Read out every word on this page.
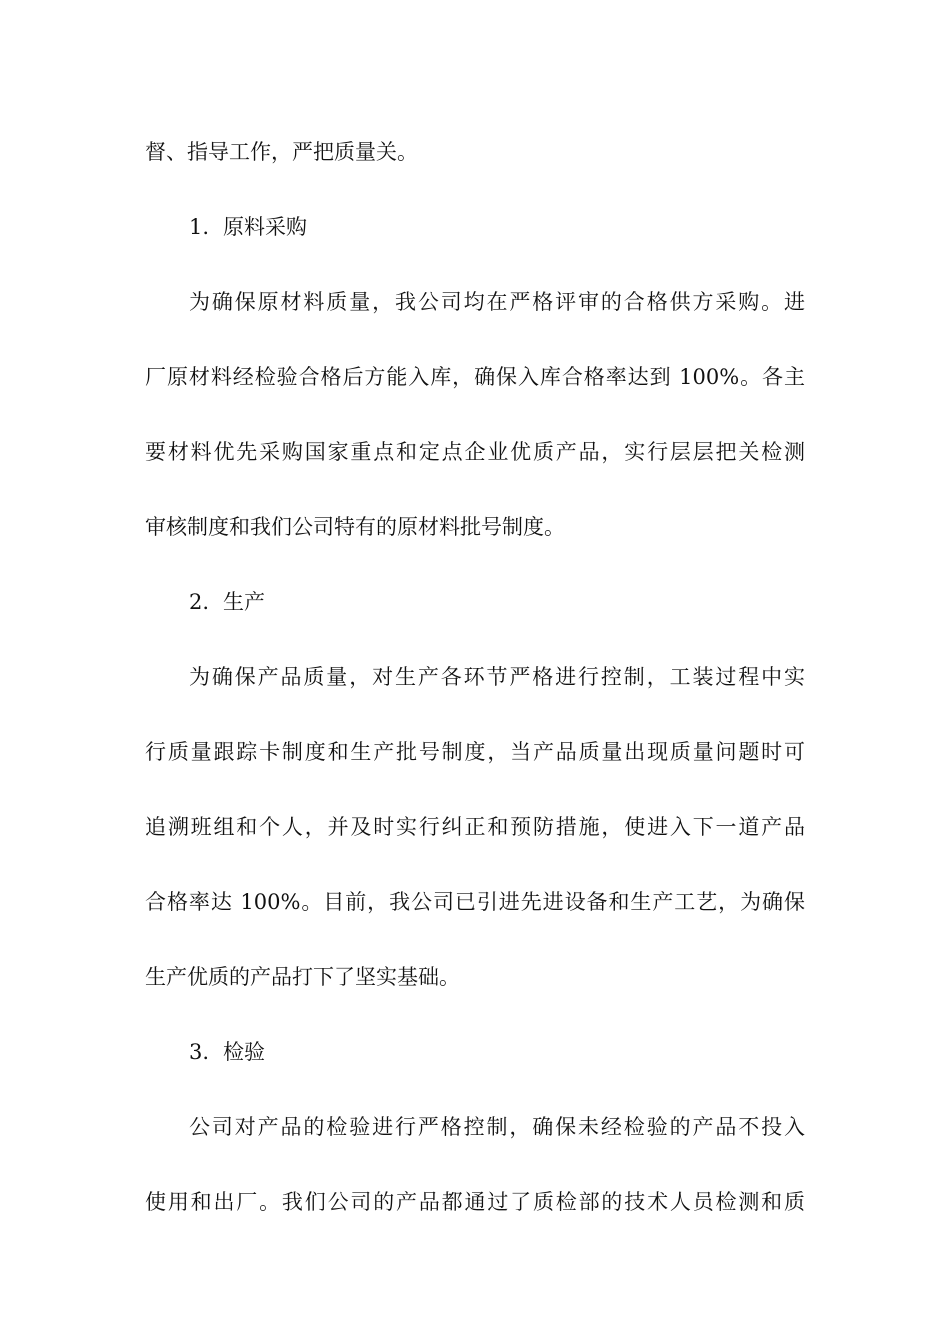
督、指导工作，严把质量关。
1. 原料采购
为确保原材料质量，我公司均在严格评审的合格供方采购。进
厂原材料经检验合格后方能入库，确保入库合格率达到 100%。各主
要材料优先采购国家重点和定点企业优质产品，实行层层把关检测
审核制度和我们公司特有的原材料批号制度。
2. 生产
为确保产品质量，对生产各环节严格进行控制，工装过程中实
行质量跟踪卡制度和生产批号制度，当产品质量出现质量问题时可
追溯班组和个人，并及时实行纠正和预防措施，使进入下一道产品
合格率达 100%。目前，我公司已引进先进设备和生产工艺，为确保
生产优质的产品打下了坚实基础。
3. 检验
公司对产品的检验进行严格控制，确保未经检验的产品不投入
使用和出厂。我们公司的产品都通过了质检部的技术人员检测和质
